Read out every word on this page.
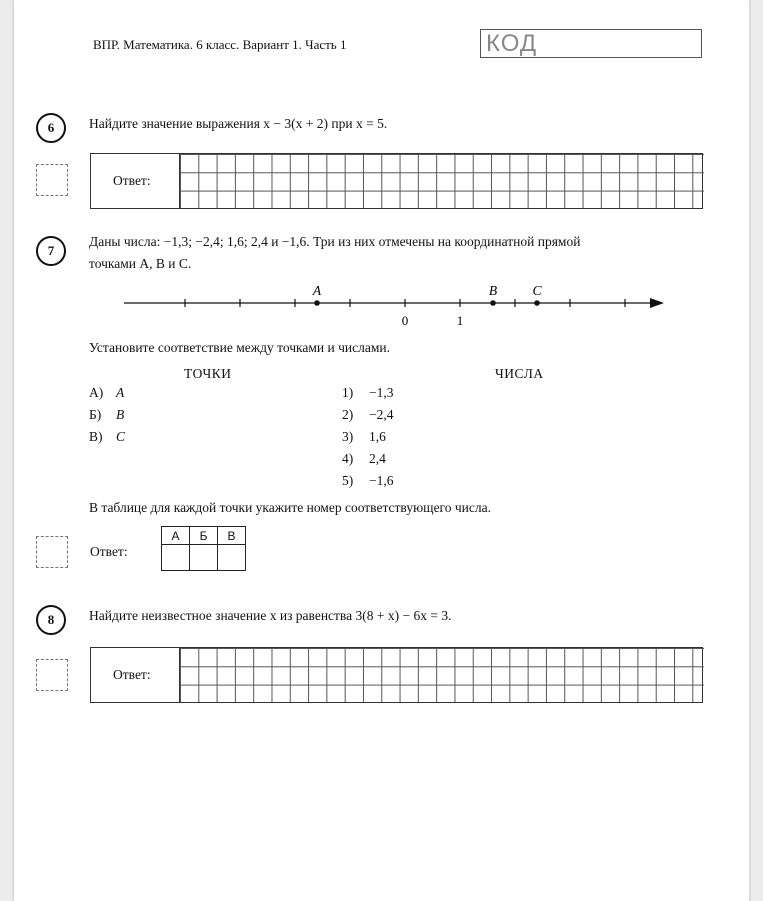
ВПР. Математика. 6 класс. Вариант 1. Часть 1	КОД
6	Найдите значение выражения x − 3(x + 2) при x = 5.
Ответ:
7
Даны числа: −1,3; −2,4; 1,6; 2,4 и −1,6. Три из них отмечены на координатной прямой
точками A, B и C.
0	1
A	B	C
Установите соответствие между точками и числами.
ТОЧКИ	ЧИСЛА
А) A
Б) B
В) C
1) −1,3
2) −2,4
3) 1,6
4) 2,4
5) −1,6
В таблице для каждой точки укажите номер соответствующего числа.
Ответ:
А	Б	В

8	Найдите неизвестное значение x из равенства 3(8 + x) − 6x = 3.
Ответ:
